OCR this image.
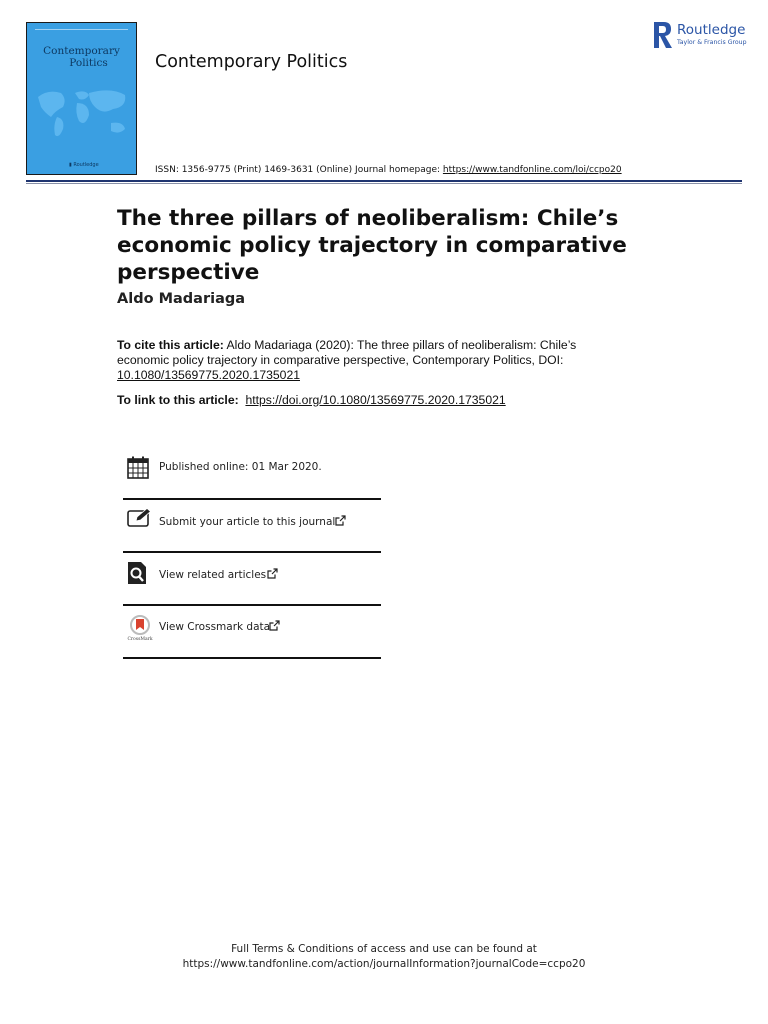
Contemporary
Politics
▮ Routledge
Contemporary Politics
ISSN: 1356-9775 (Print) 1469-3631 (Online) Journal homepage: https://www.tandfonline.com/loi/ccpo20
Routledge
Taylor & Francis Group
The three pillars of neoliberalism: Chile’s economic policy trajectory in comparative perspective
Aldo Madariaga
To cite this article: Aldo Madariaga (2020): The three pillars of neoliberalism: Chile’s economic policy trajectory in comparative perspective, Contemporary Politics, DOI:
10.1080/13569775.2020.1735021
To link to this article:  https://doi.org/10.1080/13569775.2020.1735021
Published online: 01 Mar 2020.
Submit your article to this journal
View related articles
CrossMark
View Crossmark data
Full Terms & Conditions of access and use can be found at
https://www.tandfonline.com/action/journalInformation?journalCode=ccpo20
